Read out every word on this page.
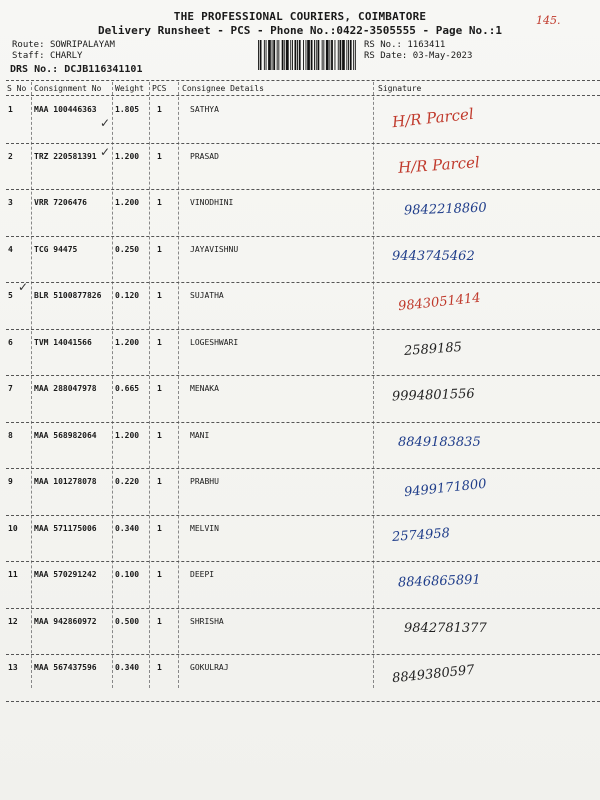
THE PROFESSIONAL COURIERS, COIMBATORE
Delivery Runsheet - PCS - Phone No.:0422-3505555 - Page No.:1
145.
Route: SOWRIPALAYAM
Staff: CHARLY
DRS No.: DCJB116341101
RS No.: 1163411
RS Date: 03-May-2023
S No Consignment No Weight PCS Consignee Details	Signature
1	MAA 100446363 1.805 1	SATHYA	H/R Parcel
2	TRZ 220581391 1.200 1	PRASAD	H/R Parcel
3	VRR 7206476	1.200 1	VINODHINI	9842218860
4	TCG 94475	0.250 1	JAYAVISHNU	9443745462
5	BLR 5100877826 0.120 1	SUJATHA	9843051414
6	TVM 14041566	1.200 1	LOGESHWARI	2589185
7	MAA 288047978 0.665 1	MENAKA	9994801556
8	MAA 568982064 1.200 1	MANI	8849183835
9	MAA 101278078 0.220 1	PRABHU	9499171800
10 MAA 571175006 0.340 1	MELVIN	2574958
11 MAA 570291242 0.100 1	DEEPI	8846865891
12 MAA 942860972 0.500 1	SHRISHA	9842781377
13 MAA 567437596 0.340 1	GOKULRAJ	8849380597
✓
✓
✓
